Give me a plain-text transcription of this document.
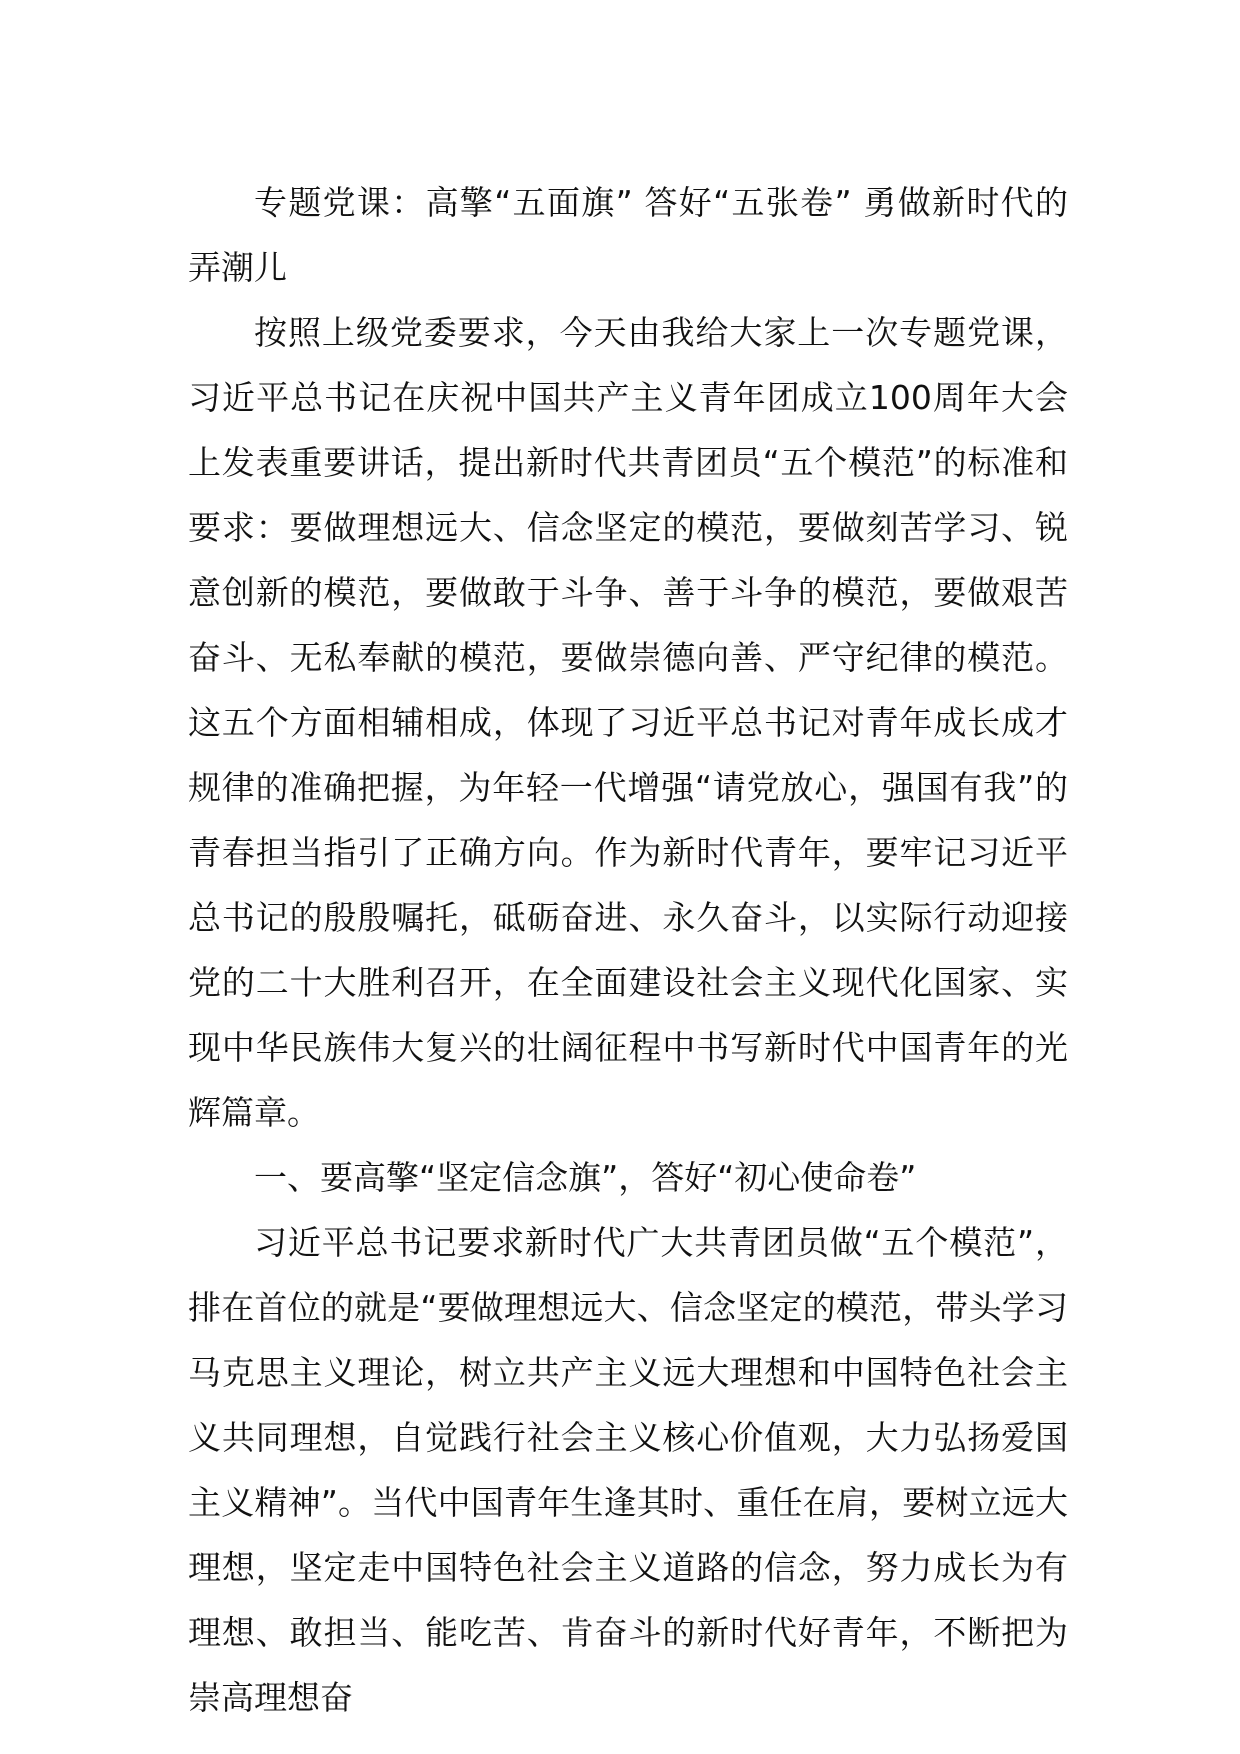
专题党课：高擎“五面旗” 答好“五张卷” 勇做新时代的弄潮儿

按照上级党委要求，今天由我给大家上一次专题党课，习近平总书记在庆祝中国共产主义青年团成立100周年大会上发表重要讲话，提出新时代共青团员“五个模范”的标准和要求：要做理想远大、信念坚定的模范，要做刻苦学习、锐意创新的模范，要做敢于斗争、善于斗争的模范，要做艰苦奋斗、无私奉献的模范，要做崇德向善、严守纪律的模范。这五个方面相辅相成，体现了习近平总书记对青年成长成才规律的准确把握，为年轻一代增强“请党放心，强国有我”的青春担当指引了正确方向。作为新时代青年，要牢记习近平总书记的殷殷嘱托，砥砺奋进、永久奋斗，以实际行动迎接党的二十大胜利召开，在全面建设社会主义现代化国家、实现中华民族伟大复兴的壮阔征程中书写新时代中国青年的光辉篇章。

一、要高擎“坚定信念旗”，答好“初心使命卷”

习近平总书记要求新时代广大共青团员做“五个模范”，排在首位的就是“要做理想远大、信念坚定的模范，带头学习马克思主义理论，树立共产主义远大理想和中国特色社会主义共同理想，自觉践行社会主义核心价值观，大力弘扬爱国主义精神”。当代中国青年生逢其时、重任在肩，要树立远大理想，坚定走中国特色社会主义道路的信念，努力成长为有理想、敢担当、能吃苦、肯奋斗的新时代好青年，不断把为崇高理想奋
